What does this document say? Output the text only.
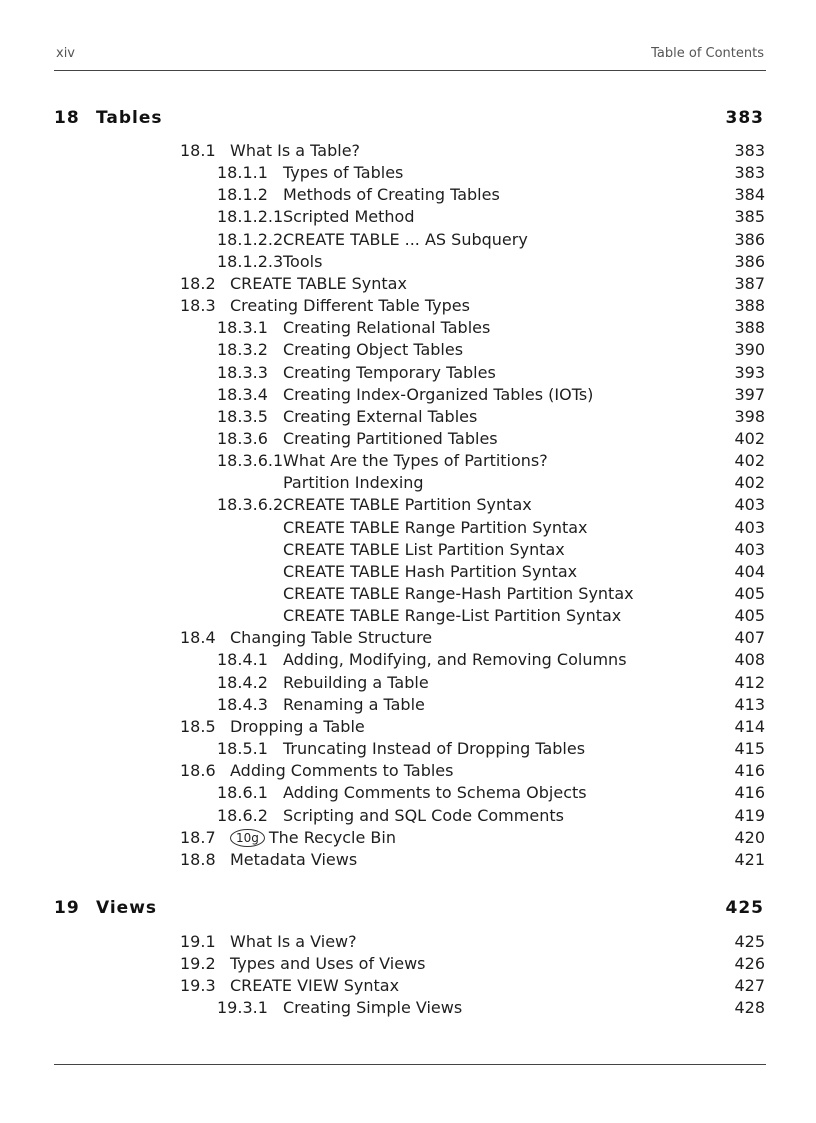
xiv	Table of Contents
18 Tables	383
18.1 What Is a Table?	383
18.1.1 Types of Tables	383
18.1.2 Methods of Creating Tables	384
18.1.2.1 Scripted Method	385
18.1.2.2 CREATE TABLE ... AS Subquery	386
18.1.2.3 Tools	386
18.2 CREATE TABLE Syntax	387
18.3 Creating Different Table Types	388
18.3.1 Creating Relational Tables	388
18.3.2 Creating Object Tables	390
18.3.3 Creating Temporary Tables	393
18.3.4 Creating Index-Organized Tables (IOTs)	397
18.3.5 Creating External Tables	398
18.3.6 Creating Partitioned Tables	402
18.3.6.1 What Are the Types of Partitions?	402
Partition Indexing	402
18.3.6.2 CREATE TABLE Partition Syntax	403
CREATE TABLE Range Partition Syntax	403
CREATE TABLE List Partition Syntax	403
CREATE TABLE Hash Partition Syntax	404
CREATE TABLE Range-Hash Partition Syntax	405
CREATE TABLE Range-List Partition Syntax	405
18.4 Changing Table Structure	407
18.4.1 Adding, Modifying, and Removing Columns	408
18.4.2 Rebuilding a Table	412
18.4.3 Renaming a Table	413
18.5 Dropping a Table	414
18.5.1 Truncating Instead of Dropping Tables	415
18.6 Adding Comments to Tables	416
18.6.1 Adding Comments to Schema Objects	416
18.6.2 Scripting and SQL Code Comments	419
18.7	10g The Recycle Bin	420
18.8 Metadata Views	421
19 Views	425
19.1 What Is a View?	425
19.2 Types and Uses of Views	426
19.3 CREATE VIEW Syntax	427
19.3.1 Creating Simple Views	428
